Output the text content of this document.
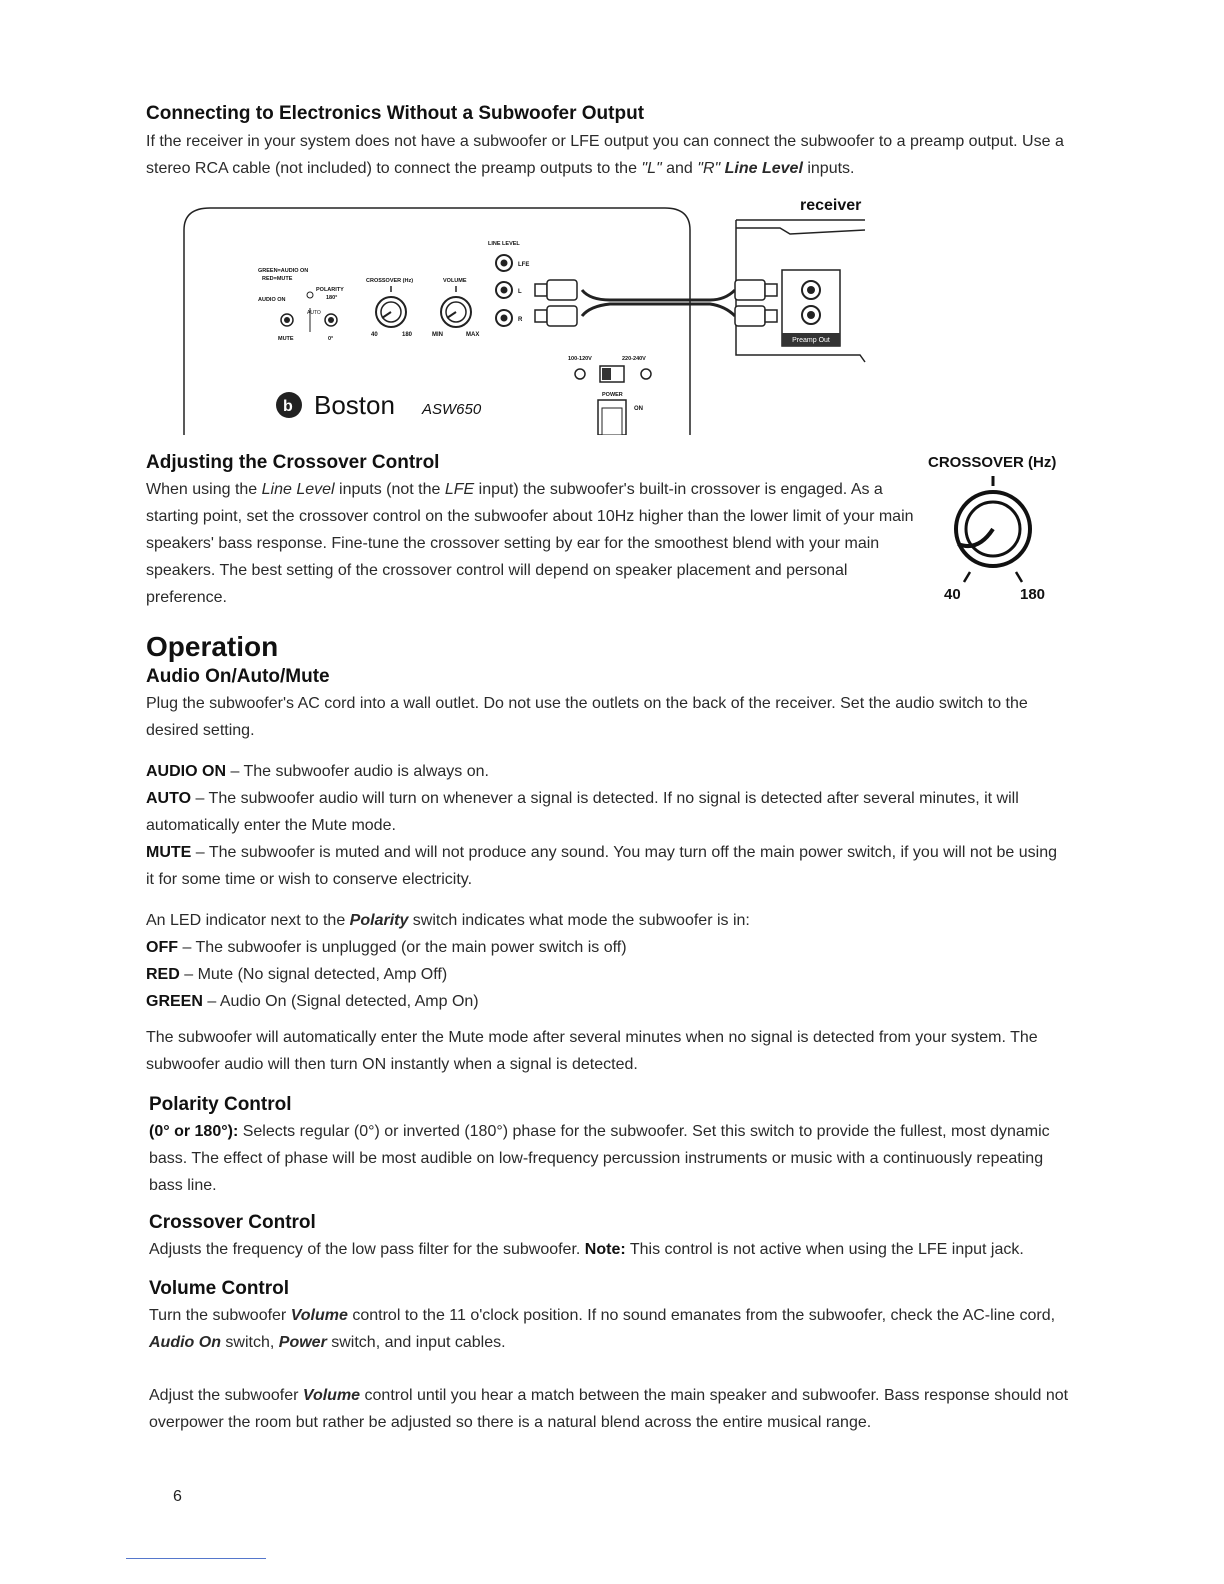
Connecting to Electronics Without a Subwoofer Output

If the receiver in your system does not have a subwoofer or LFE output you can connect the subwoofer to a preamp output. Use a stereo RCA cable (not included) to connect the preamp outputs to the "L" and "R" Line Level inputs.

receiver
Preamp Out
LINE LEVEL
LFE
L
R
GREEN=AUDIO ON
RED=MUTE
POLARITY
180°
AUDIO ON
AUTO
MUTE	0°
CROSSOVER (Hz)
40	180
VOLUME
MIN	MAX
100-120V	220-240V
POWER
ON
b Boston ASW650
Adjusting the Crossover Control

When using the Line Level inputs (not the LFE input) the subwoofer's built-in crossover is engaged. As a starting point, set the crossover control on the subwoofer about 10Hz higher than the lower limit of your main speakers' bass response. Fine-tune the crossover setting by ear for the smoothest blend with your main speakers. The best setting of the crossover control will depend on speaker placement and personal preference.

CROSSOVER (Hz)
40	180
Operation
Audio On/Auto/Mute

Plug the subwoofer's AC cord into a wall outlet. Do not use the outlets on the back of the receiver. Set the audio switch to the desired setting.

AUDIO ON – The subwoofer audio is always on.

AUTO – The subwoofer audio will turn on whenever a signal is detected. If no signal is detected after several minutes, it will automatically enter the Mute mode.

MUTE – The subwoofer is muted and will not produce any sound. You may turn off the main power switch, if you will not be using it for some time or wish to conserve electricity.

An LED indicator next to the Polarity switch indicates what mode the subwoofer is in:

OFF – The subwoofer is unplugged (or the main power switch is off)

RED – Mute (No signal detected, Amp Off)

GREEN – Audio On (Signal detected, Amp On)

The subwoofer will automatically enter the Mute mode after several minutes when no signal is detected from your system. The subwoofer audio will then turn ON instantly when a signal is detected.

Polarity Control

(0° or 180°): Selects regular (0°) or inverted (180°) phase for the subwoofer. Set this switch to provide the fullest, most dynamic bass. The effect of phase will be most audible on low-frequency percussion instruments or music with a continuously repeating bass line.

Crossover Control

Adjusts the frequency of the low pass filter for the subwoofer. Note: This control is not active when using the LFE input jack.

Volume Control

Turn the subwoofer Volume control to the 11 o'clock position. If no sound emanates from the subwoofer, check the AC-line cord, Audio On switch, Power switch, and input cables.

Adjust the subwoofer Volume control until you hear a match between the main speaker and subwoofer. Bass response should not overpower the room but rather be adjusted so there is a natural blend across the entire musical range.

6
